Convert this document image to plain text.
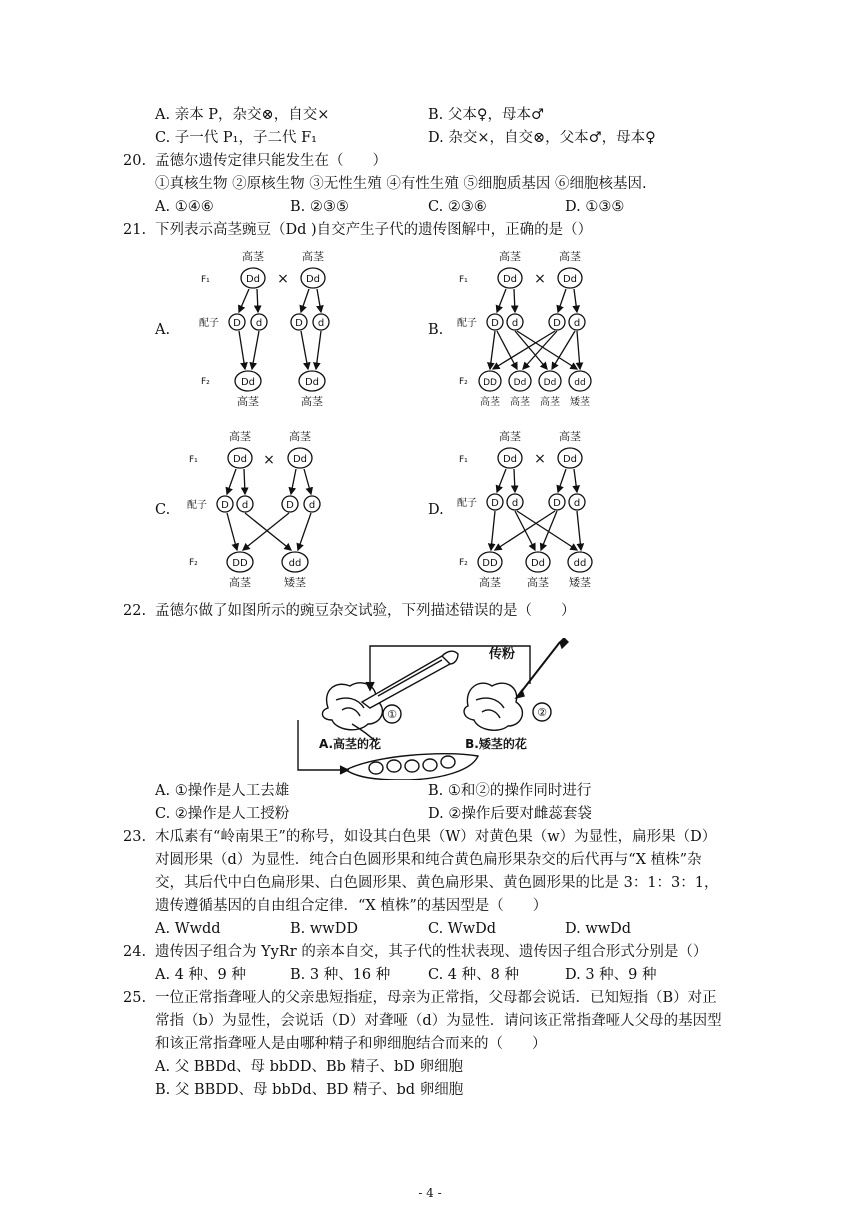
A. 亲本 P，杂交⊗，自交×	B. 父本♀，母本♂
C. 子一代 P₁，子二代 F₁	D. 杂交×，自交⊗，父本♂，母本♀
20. 孟德尔遗传定律只能发生在（　　）
①真核生物 ②原核生物 ③无性生殖 ④有性生殖 ⑤细胞质基因 ⑥细胞核基因.
A. ①④⑥	B. ②③⑤	C. ②③⑥	D. ①③⑤
21. 下列表示高茎豌豆（Dd )自交产生子代的遗传图解中，正确的是（）
A.	B.
C.	D.
高茎	高茎
Dd	Dd
×
F₁
配子 D d	D d
F₂	Dd	Dd
高茎	高茎
高茎	高茎
Dd	Dd
×
F₁
配子 D d	D d
F₂ DD Dd Dd dd
高茎 高茎 高茎 矮茎
高茎	高茎
Dd	Dd
×
F₁
配子 D d	D d
F₂	DD	dd
高茎	矮茎
高茎	高茎
Dd	Dd
×
F₁
配子 D d	D d
F₂ DD	Dd	dd
高茎 高茎 矮茎
22. 孟德尔做了如图所示的豌豆杂交试验，下列描述错误的是（　　）
传粉
①	②
A.高茎的花	B.矮茎的花
A. ①操作是人工去雄	B. ①和②的操作同时进行
C. ②操作是人工授粉	D. ②操作后要对雌蕊套袋
23. 木瓜素有“岭南果王”的称号，如设其白色果（W）对黄色果（w）为显性，扁形果（D）
对圆形果（d）为显性．纯合白色圆形果和纯合黄色扁形果杂交的后代再与“X 植株”杂
交，其后代中白色扁形果、白色圆形果、黄色扁形果、黄色圆形果的比是 3：1：3：1，
遗传遵循基因的自由组合定律．“X 植株”的基因型是（　　）
A. Wwdd	B. wwDD	C. WwDd	D. wwDd
24. 遗传因子组合为 YyRr 的亲本自交，其子代的性状表现、遗传因子组合形式分别是（）
A. 4 种、9 种	B. 3 种、16 种	C. 4 种、8 种	D. 3 种、9 种
25. 一位正常指聋哑人的父亲患短指症，母亲为正常指，父母都会说话．已知短指（B）对正
常指（b）为显性，会说话（D）对聋哑（d）为显性．请问该正常指聋哑人父母的基因型
和该正常指聋哑人是由哪种精子和卵细胞结合而来的（　　）
A. 父 BBDd、母 bbDD、Bb 精子、bD 卵细胞
B. 父 BBDD、母 bbDd、BD 精子、bd 卵细胞
- 4 -
